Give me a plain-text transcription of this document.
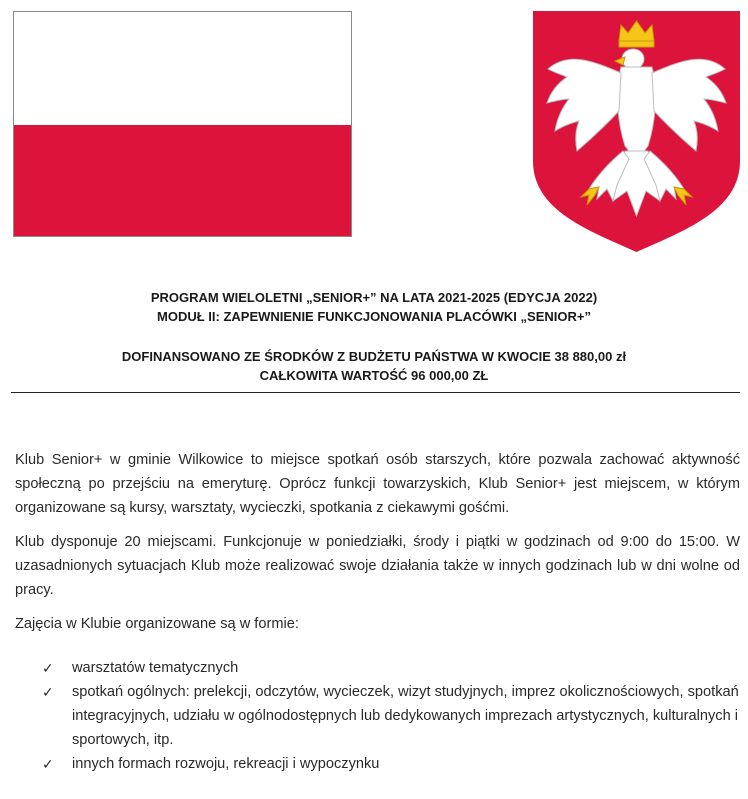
PROGRAM WIELOLETNI „SENIOR+” NA LATA 2021-2025 (EDYCJA 2022)

MODUŁ II: ZAPEWNIENIE FUNKCJONOWANIA PLACÓWKI „SENIOR+”

DOFINANSOWANO ZE ŚRODKÓW Z BUDŻETU PAŃSTWA W KWOCIE 38 880,00 zł

CAŁKOWITA WARTOŚĆ 96 000,00 ZŁ

Klub Senior+ w gminie Wilkowice to miejsce spotkań osób starszych, które pozwala zachować aktywność społeczną po przejściu na emeryturę. Oprócz funkcji towarzyskich, Klub Senior+ jest miejscem, w którym organizowane są kursy, warsztaty, wycieczki, spotkania z ciekawymi gośćmi.

Klub dysponuje 20 miejscami. Funkcjonuje w poniedziałki, środy i piątki w godzinach od 9:00 do 15:00. W uzasadnionych sytuacjach Klub może realizować swoje działania także w innych godzinach lub w dni wolne od pracy.

Zajęcia w Klubie organizowane są w formie:

✓ warsztatów tematycznych
✓ spotkań ogólnych: prelekcji, odczytów, wycieczek, wizyt studyjnych, imprez okolicznościowych, spotkań integracyjnych, udziału w ogólnodostępnych lub dedykowanych imprezach artystycznych, kulturalnych i sportowych, itp.
✓ innych formach rozwoju, rekreacji i wypoczynku
